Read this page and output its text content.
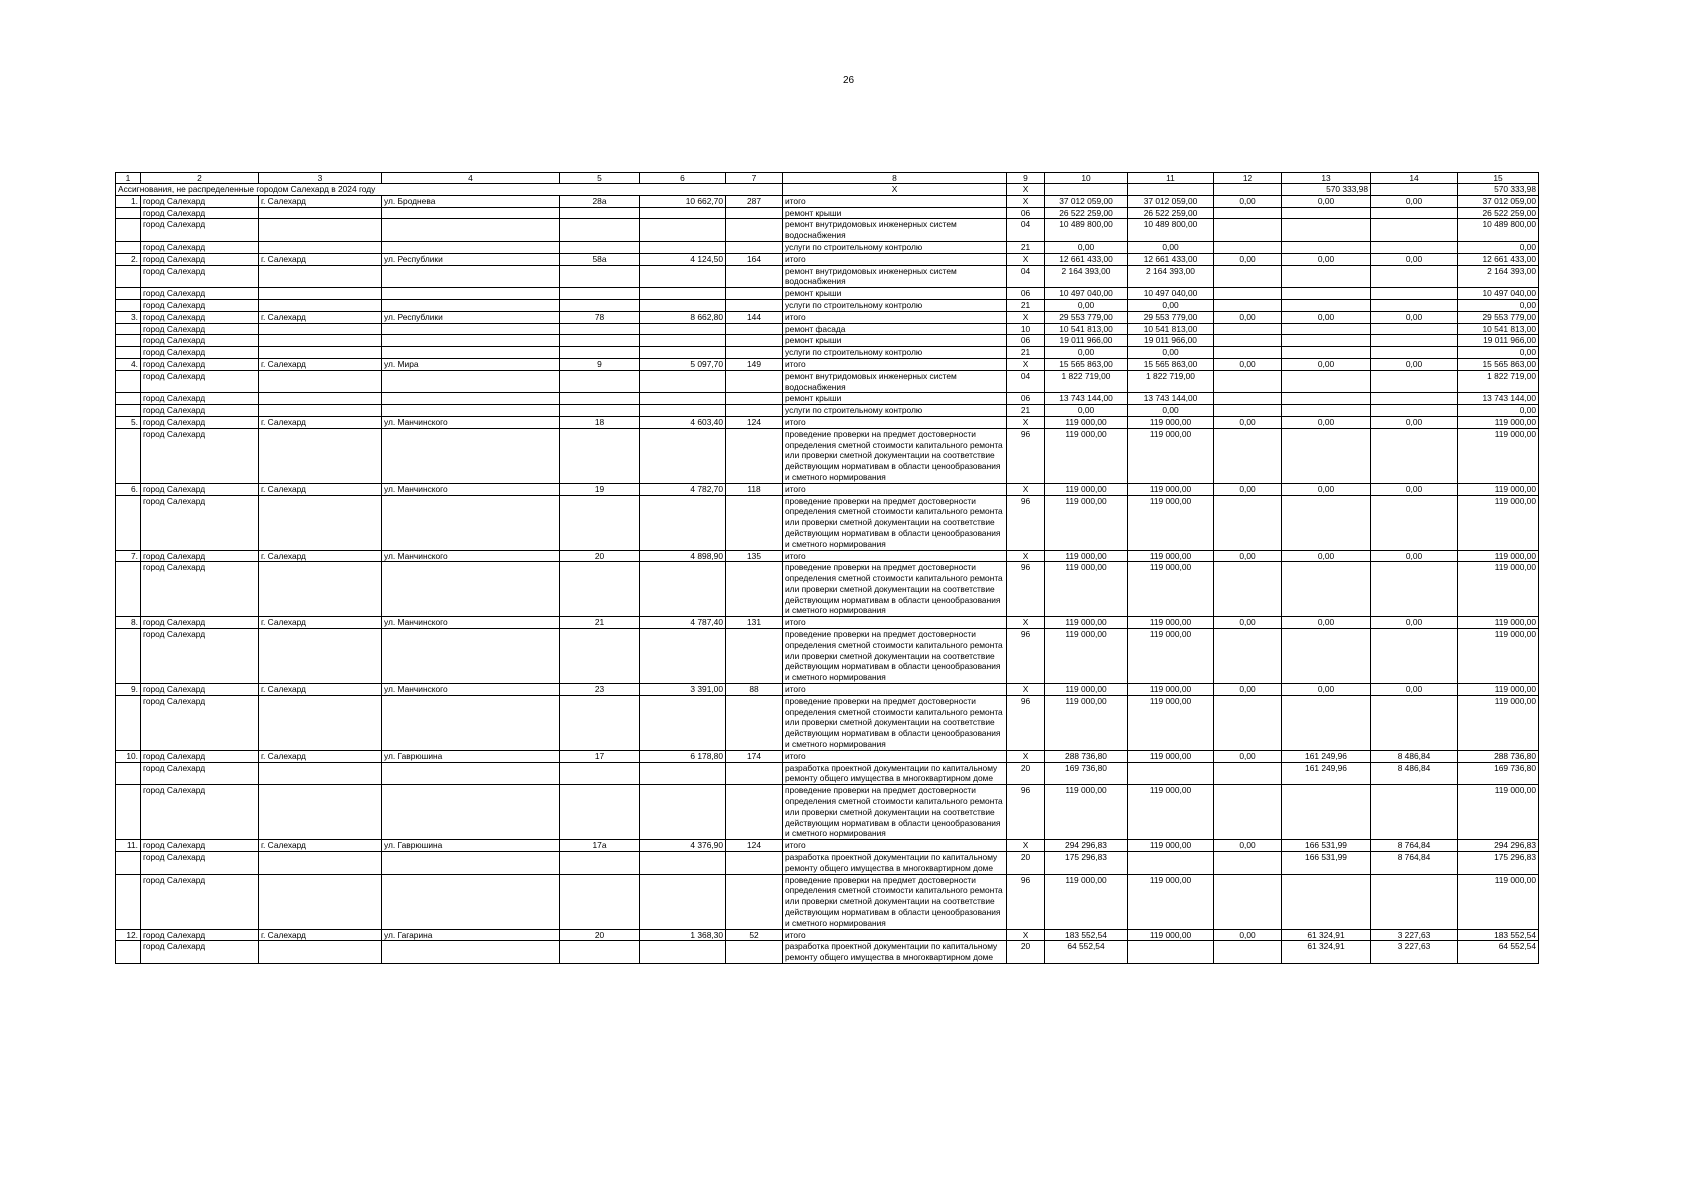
26
1	2	3	4	5	6	7	8	9	10	11	12	13	14	15
Ассигнования, не распределенные городом Салехард в 2024 году							X	X				570 333,98		570 333,98
1.	город Салехард	г. Салехард	ул. Броднева	28а	10 662,70	287	итого	X	37 012 059,00	37 012 059,00	0,00	0,00	0,00	37 012 059,00
	город Салехард						ремонт крыши	06	26 522 259,00	26 522 259,00				26 522 259,00
	город Салехард						ремонт внутридомовых инженерных систем водоснабжения	04	10 489 800,00	10 489 800,00				10 489 800,00
	город Салехард						услуги по строительному контролю	21	0,00	0,00				0,00
2.	город Салехард	г. Салехард	ул. Республики	58а	4 124,50	164	итого	X	12 661 433,00	12 661 433,00	0,00	0,00	0,00	12 661 433,00
	город Салехард						ремонт внутридомовых инженерных систем водоснабжения	04	2 164 393,00	2 164 393,00				2 164 393,00
	город Салехард						ремонт крыши	06	10 497 040,00	10 497 040,00				10 497 040,00
	город Салехард						услуги по строительному контролю	21	0,00	0,00				0,00
3.	город Салехард	г. Салехард	ул. Республики	78	8 662,80	144	итого	X	29 553 779,00	29 553 779,00	0,00	0,00	0,00	29 553 779,00
	город Салехард						ремонт фасада	10	10 541 813,00	10 541 813,00				10 541 813,00
	город Салехард						ремонт крыши	06	19 011 966,00	19 011 966,00				19 011 966,00
	город Салехард						услуги по строительному контролю	21	0,00	0,00				0,00
4.	город Салехард	г. Салехард	ул. Мира	9	5 097,70	149	итого	X	15 565 863,00	15 565 863,00	0,00	0,00	0,00	15 565 863,00
	город Салехард						ремонт внутридомовых инженерных систем водоснабжения	04	1 822 719,00	1 822 719,00				1 822 719,00
	город Салехард						ремонт крыши	06	13 743 144,00	13 743 144,00				13 743 144,00
	город Салехард						услуги по строительному контролю	21	0,00	0,00				0,00
5.	город Салехард	г. Салехард	ул. Манчинского	18	4 603,40	124	итого	X	119 000,00	119 000,00	0,00	0,00	0,00	119 000,00
	город Салехард						проведение проверки на предмет достоверности определения сметной стоимости капитального ремонта или проверки сметной документации на соответствие действующим нормативам в области ценообразования и сметного нормирования	96	119 000,00	119 000,00				119 000,00
6.	город Салехард	г. Салехард	ул. Манчинского	19	4 782,70	118	итого	X	119 000,00	119 000,00	0,00	0,00	0,00	119 000,00
	город Салехард						проведение проверки на предмет достоверности определения сметной стоимости капитального ремонта или проверки сметной документации на соответствие действующим нормативам в области ценообразования и сметного нормирования	96	119 000,00	119 000,00				119 000,00
7.	город Салехард	г. Салехард	ул. Манчинского	20	4 898,90	135	итого	X	119 000,00	119 000,00	0,00	0,00	0,00	119 000,00
	город Салехард						проведение проверки на предмет достоверности определения сметной стоимости капитального ремонта или проверки сметной документации на соответствие действующим нормативам в области ценообразования и сметного нормирования	96	119 000,00	119 000,00				119 000,00
8.	город Салехард	г. Салехард	ул. Манчинского	21	4 787,40	131	итого	X	119 000,00	119 000,00	0,00	0,00	0,00	119 000,00
	город Салехард						проведение проверки на предмет достоверности определения сметной стоимости капитального ремонта или проверки сметной документации на соответствие действующим нормативам в области ценообразования и сметного нормирования	96	119 000,00	119 000,00				119 000,00
9.	город Салехард	г. Салехард	ул. Манчинского	23	3 391,00	88	итого	X	119 000,00	119 000,00	0,00	0,00	0,00	119 000,00
	город Салехард						проведение проверки на предмет достоверности определения сметной стоимости капитального ремонта или проверки сметной документации на соответствие действующим нормативам в области ценообразования и сметного нормирования	96	119 000,00	119 000,00				119 000,00
10.	город Салехард	г. Салехард	ул. Гаврюшина	17	6 178,80	174	итого	X	288 736,80	119 000,00	0,00	161 249,96	8 486,84	288 736,80
	город Салехард						разработка проектной документации по капитальному ремонту общего имущества в многоквартирном доме	20	169 736,80			161 249,96	8 486,84	169 736,80
	город Салехард						проведение проверки на предмет достоверности определения сметной стоимости капитального ремонта или проверки сметной документации на соответствие действующим нормативам в области ценообразования и сметного нормирования	96	119 000,00	119 000,00				119 000,00
11.	город Салехард	г. Салехард	ул. Гаврюшина	17а	4 376,90	124	итого	X	294 296,83	119 000,00	0,00	166 531,99	8 764,84	294 296,83
	город Салехард						разработка проектной документации по капитальному ремонту общего имущества в многоквартирном доме	20	175 296,83			166 531,99	8 764,84	175 296,83
	город Салехард						проведение проверки на предмет достоверности определения сметной стоимости капитального ремонта или проверки сметной документации на соответствие действующим нормативам в области ценообразования и сметного нормирования	96	119 000,00	119 000,00				119 000,00
12.	город Салехард	г. Салехард	ул. Гагарина	20	1 368,30	52	итого	X	183 552,54	119 000,00	0,00	61 324,91	3 227,63	183 552,54
	город Салехард						разработка проектной документации по капитальному ремонту общего имущества в многоквартирном доме	20	64 552,54			61 324,91	3 227,63	64 552,54
